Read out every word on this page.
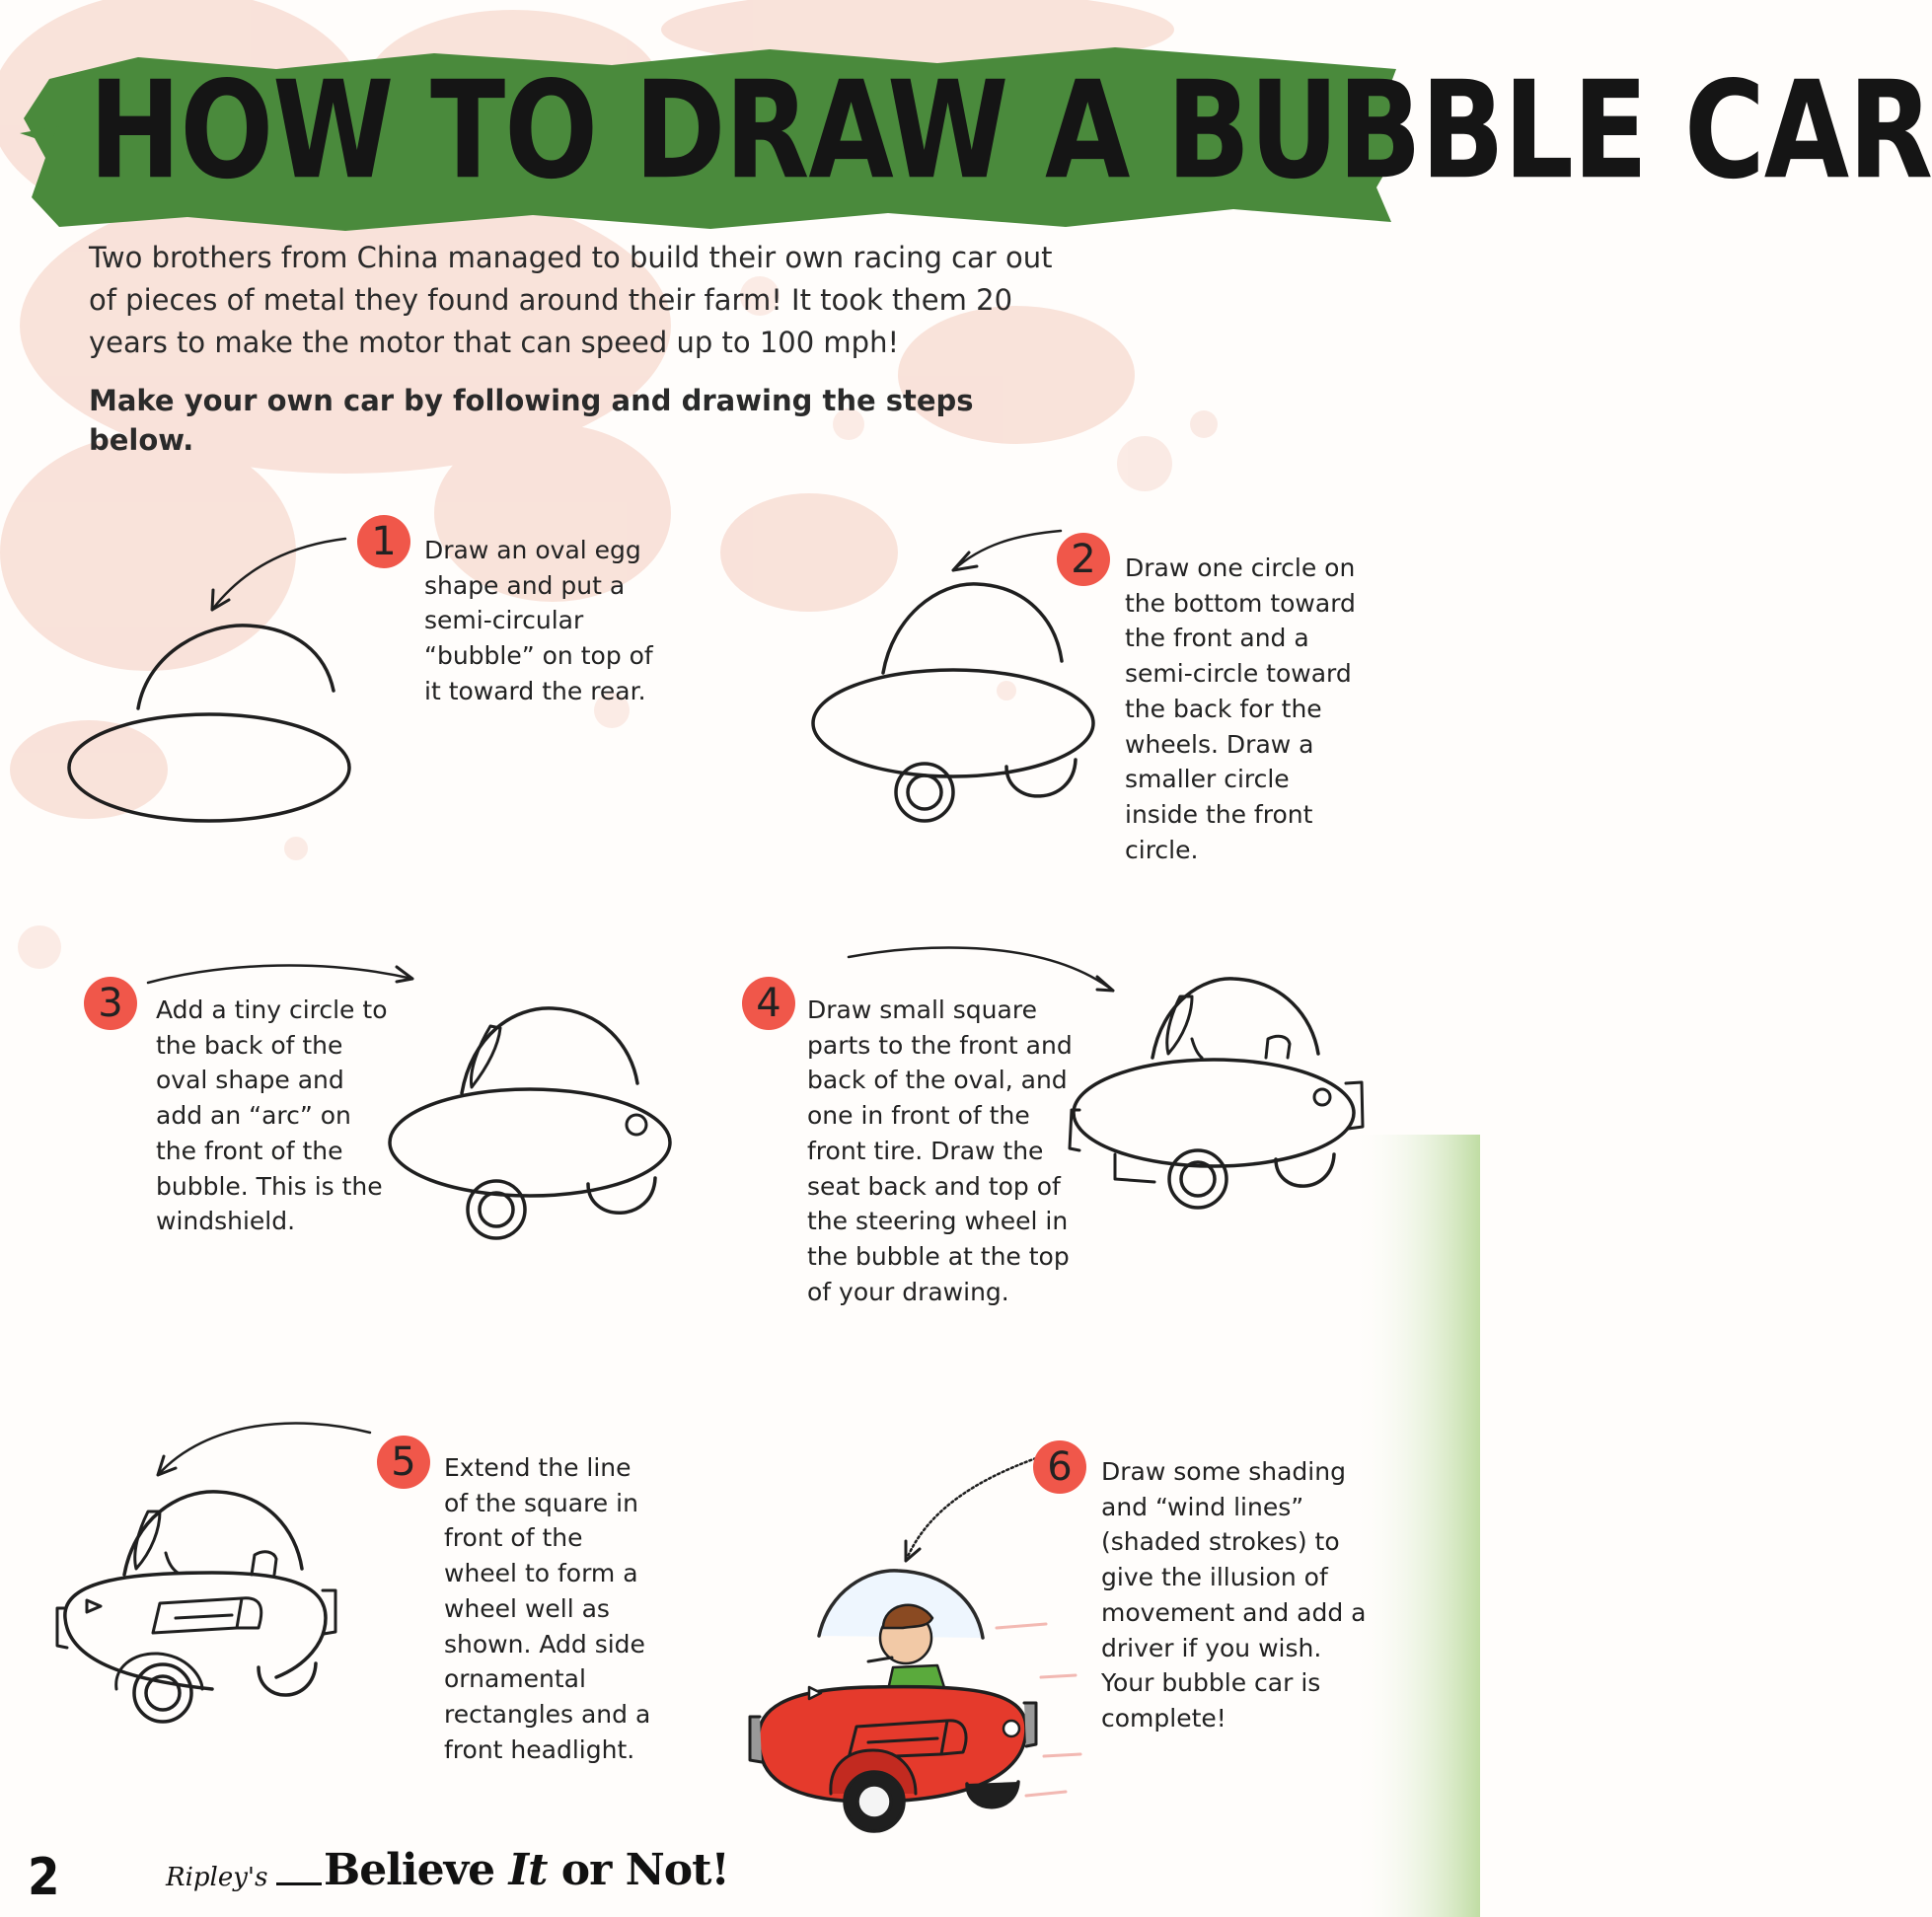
HOW TO DRAW A BUBBLE CAR
Two brothers from China managed to build their own racing car out of pieces of metal they found around their farm! It took them 20 years to make the motor that can speed up to 100 mph!
Make your own car by following and drawing the steps below.
1	Draw an oval egg shape and put a semi-circular “bubble” on top of it toward the rear.
2	Draw one circle on the bottom toward the front and a semi-circle toward the back for the wheels. Draw a smaller circle inside the front circle.
3	Add a tiny circle to the back of the oval shape and add an “arc” on the front of the bubble. This is the windshield.
4	Draw small square parts to the front and back of the oval, and one in front of the front tire. Draw the seat back and top of the steering wheel in the bubble at the top of your drawing.
5	Extend the line of the square in front of the wheel to form a wheel well as shown. Add side ornamental rectangles and a front headlight.
6	Draw some shading and “wind lines” (shaded strokes) to give the illusion of movement and add a driver if you wish. Your bubble car is complete!
2	Ripley's Believe It or Not!
